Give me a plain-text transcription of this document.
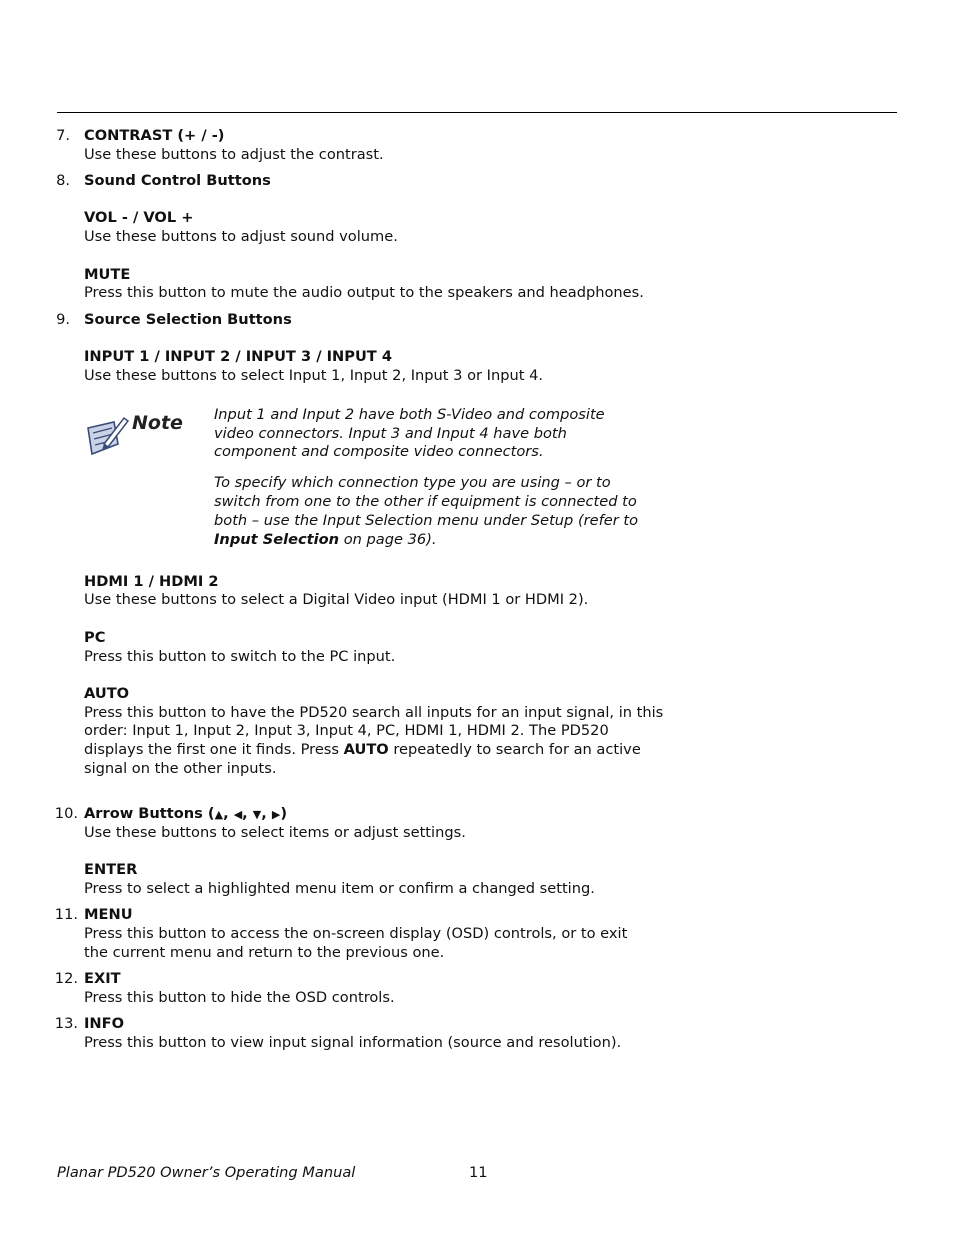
7. CONTRAST (+ / -)
Use these buttons to adjust the contrast.
8. Sound Control Buttons
VOL - / VOL +
Use these buttons to adjust sound volume.
MUTE
Press this button to mute the audio output to the speakers and headphones.
9. Source Selection Buttons
INPUT 1 / INPUT 2 / INPUT 3 / INPUT 4
Use these buttons to select Input 1, Input 2, Input 3 or Input 4.
Note Input 1 and Input 2 have both S-Video and composite
video connectors. Input 3 and Input 4 have both
component and composite video connectors.
To specify which connection type you are using – or to
switch from one to the other if equipment is connected to
both – use the Input Selection menu under Setup (refer to
Input Selection on page 36).
HDMI 1 / HDMI 2
Use these buttons to select a Digital Video input (HDMI 1 or HDMI 2).
PC
Press this button to switch to the PC input.
AUTO
Press this button to have the PD520 search all inputs for an input signal, in this
order: Input 1, Input 2, Input 3, Input 4, PC, HDMI 1, HDMI 2. The PD520
displays the first one it finds. Press AUTO repeatedly to search for an active
signal on the other inputs.
10. Arrow Buttons (▲, ◀, ▼, ▶)
Use these buttons to select items or adjust settings.
ENTER
Press to select a highlighted menu item or confirm a changed setting.
11. MENU
Press this button to access the on-screen display (OSD) controls, or to exit
the current menu and return to the previous one.
12. EXIT
Press this button to hide the OSD controls.
13. INFO
Press this button to view input signal information (source and resolution).
Planar PD520 Owner’s Operating Manual	11
